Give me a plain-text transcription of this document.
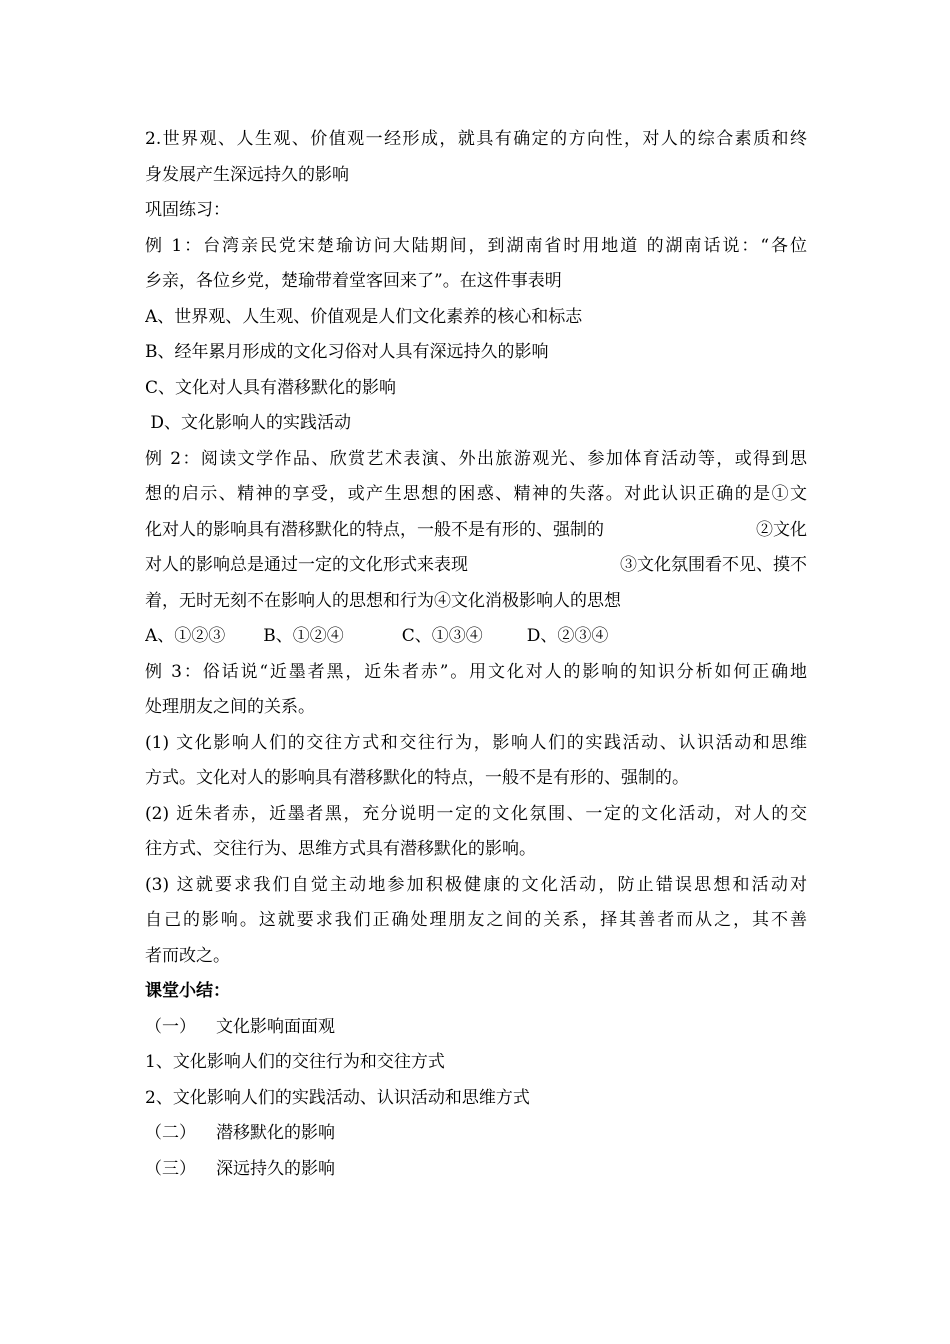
2.世界观、人生观、价值观一经形成，就具有确定的方向性，对人的综合素质和终
身发展产生深远持久的影响
巩固练习：
例 1：台湾亲民党宋楚瑜访问大陆期间，到湖南省时用地道 的湖南话说：“各位
乡亲，各位乡党，楚瑜带着堂客回来了”。在这件事表明
A、世界观、人生观、价值观是人们文化素养的核心和标志
B、经年累月形成的文化习俗对人具有深远持久的影响
C、文化对人具有潜移默化的影响
D、文化影响人的实践活动
例 2：阅读文学作品、欣赏艺术表演、外出旅游观光、参加体育活动等，或得到思
想的启示、精神的享受，或产生思想的困惑、精神的失落。对此认识正确的是①文
化对人的影响具有潜移默化的特点，一般不是有形的、强制的	②文化
对人的影响总是通过一定的文化形式来表现	③文化氛围看不见、摸不
着，无时无刻不在影响人的思想和行为④文化消极影响人的思想
A、①②③ B、①②④	C、①③④	D、②③④
例 3：俗话说“近墨者黑，近朱者赤”。用文化对人的影响的知识分析如何正确地
处理朋友之间的关系。
(1) 文化影响人们的交往方式和交往行为，影响人们的实践活动、认识活动和思维
方式。文化对人的影响具有潜移默化的特点，一般不是有形的、强制的。
(2) 近朱者赤，近墨者黑，充分说明一定的文化氛围、一定的文化活动，对人的交
往方式、交往行为、思维方式具有潜移默化的影响。
(3) 这就要求我们自觉主动地参加积极健康的文化活动，防止错误思想和活动对
自己的影响。这就要求我们正确处理朋友之间的关系，择其善者而从之，其不善
者而改之。
课堂小结：
（一） 文化影响面面观
1、文化影响人们的交往行为和交往方式
2、文化影响人们的实践活动、认识活动和思维方式
（二） 潜移默化的影响
（三） 深远持久的影响
